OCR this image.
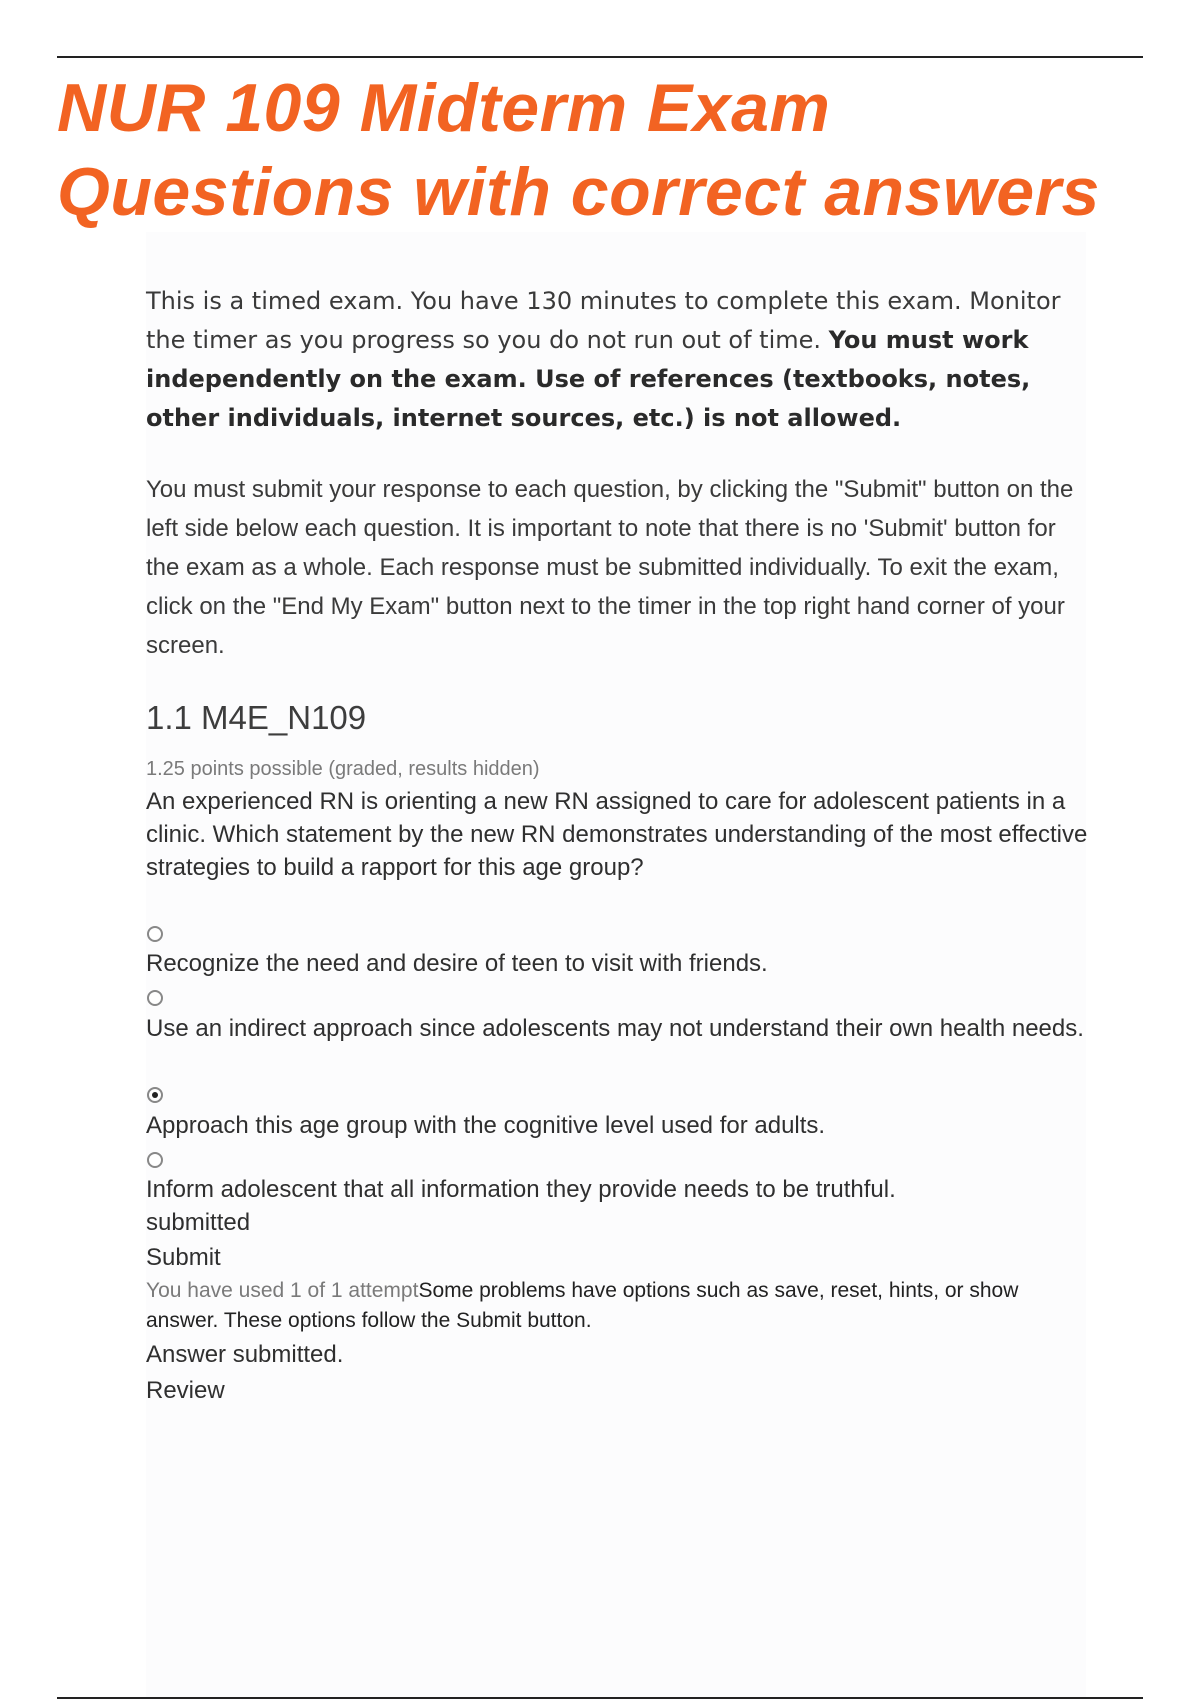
NUR 109 Midterm Exam
Questions with correct answers

This is a timed exam. You have 130 minutes to complete this exam. Monitor the timer as you progress so you do not run out of time. You must work independently on the exam. Use of references (textbooks, notes, other individuals, internet sources, etc.) is not allowed.

You must submit your response to each question, by clicking the "Submit" button on the left side below each question. It is important to note that there is no 'Submit' button for the exam as a whole. Each response must be submitted individually. To exit the exam, click on the "End My Exam" button next to the timer in the top right hand corner of your screen.

1.1 M4E_N109
1.25 points possible (graded, results hidden)

An experienced RN is orienting a new RN assigned to care for adolescent patients in a clinic. Which statement by the new RN demonstrates understanding of the most effective strategies to build a rapport for this age group?

Recognize the need and desire of teen to visit with friends.

Use an indirect approach since adolescents may not understand their own health needs.

Approach this age group with the cognitive level used for adults.

Inform adolescent that all information they provide needs to be truthful.

submitted
Submit
You have used 1 of 1 attemptSome problems have options such as save, reset, hints, or show answer. These options follow the Submit button.
Answer submitted.
Review
